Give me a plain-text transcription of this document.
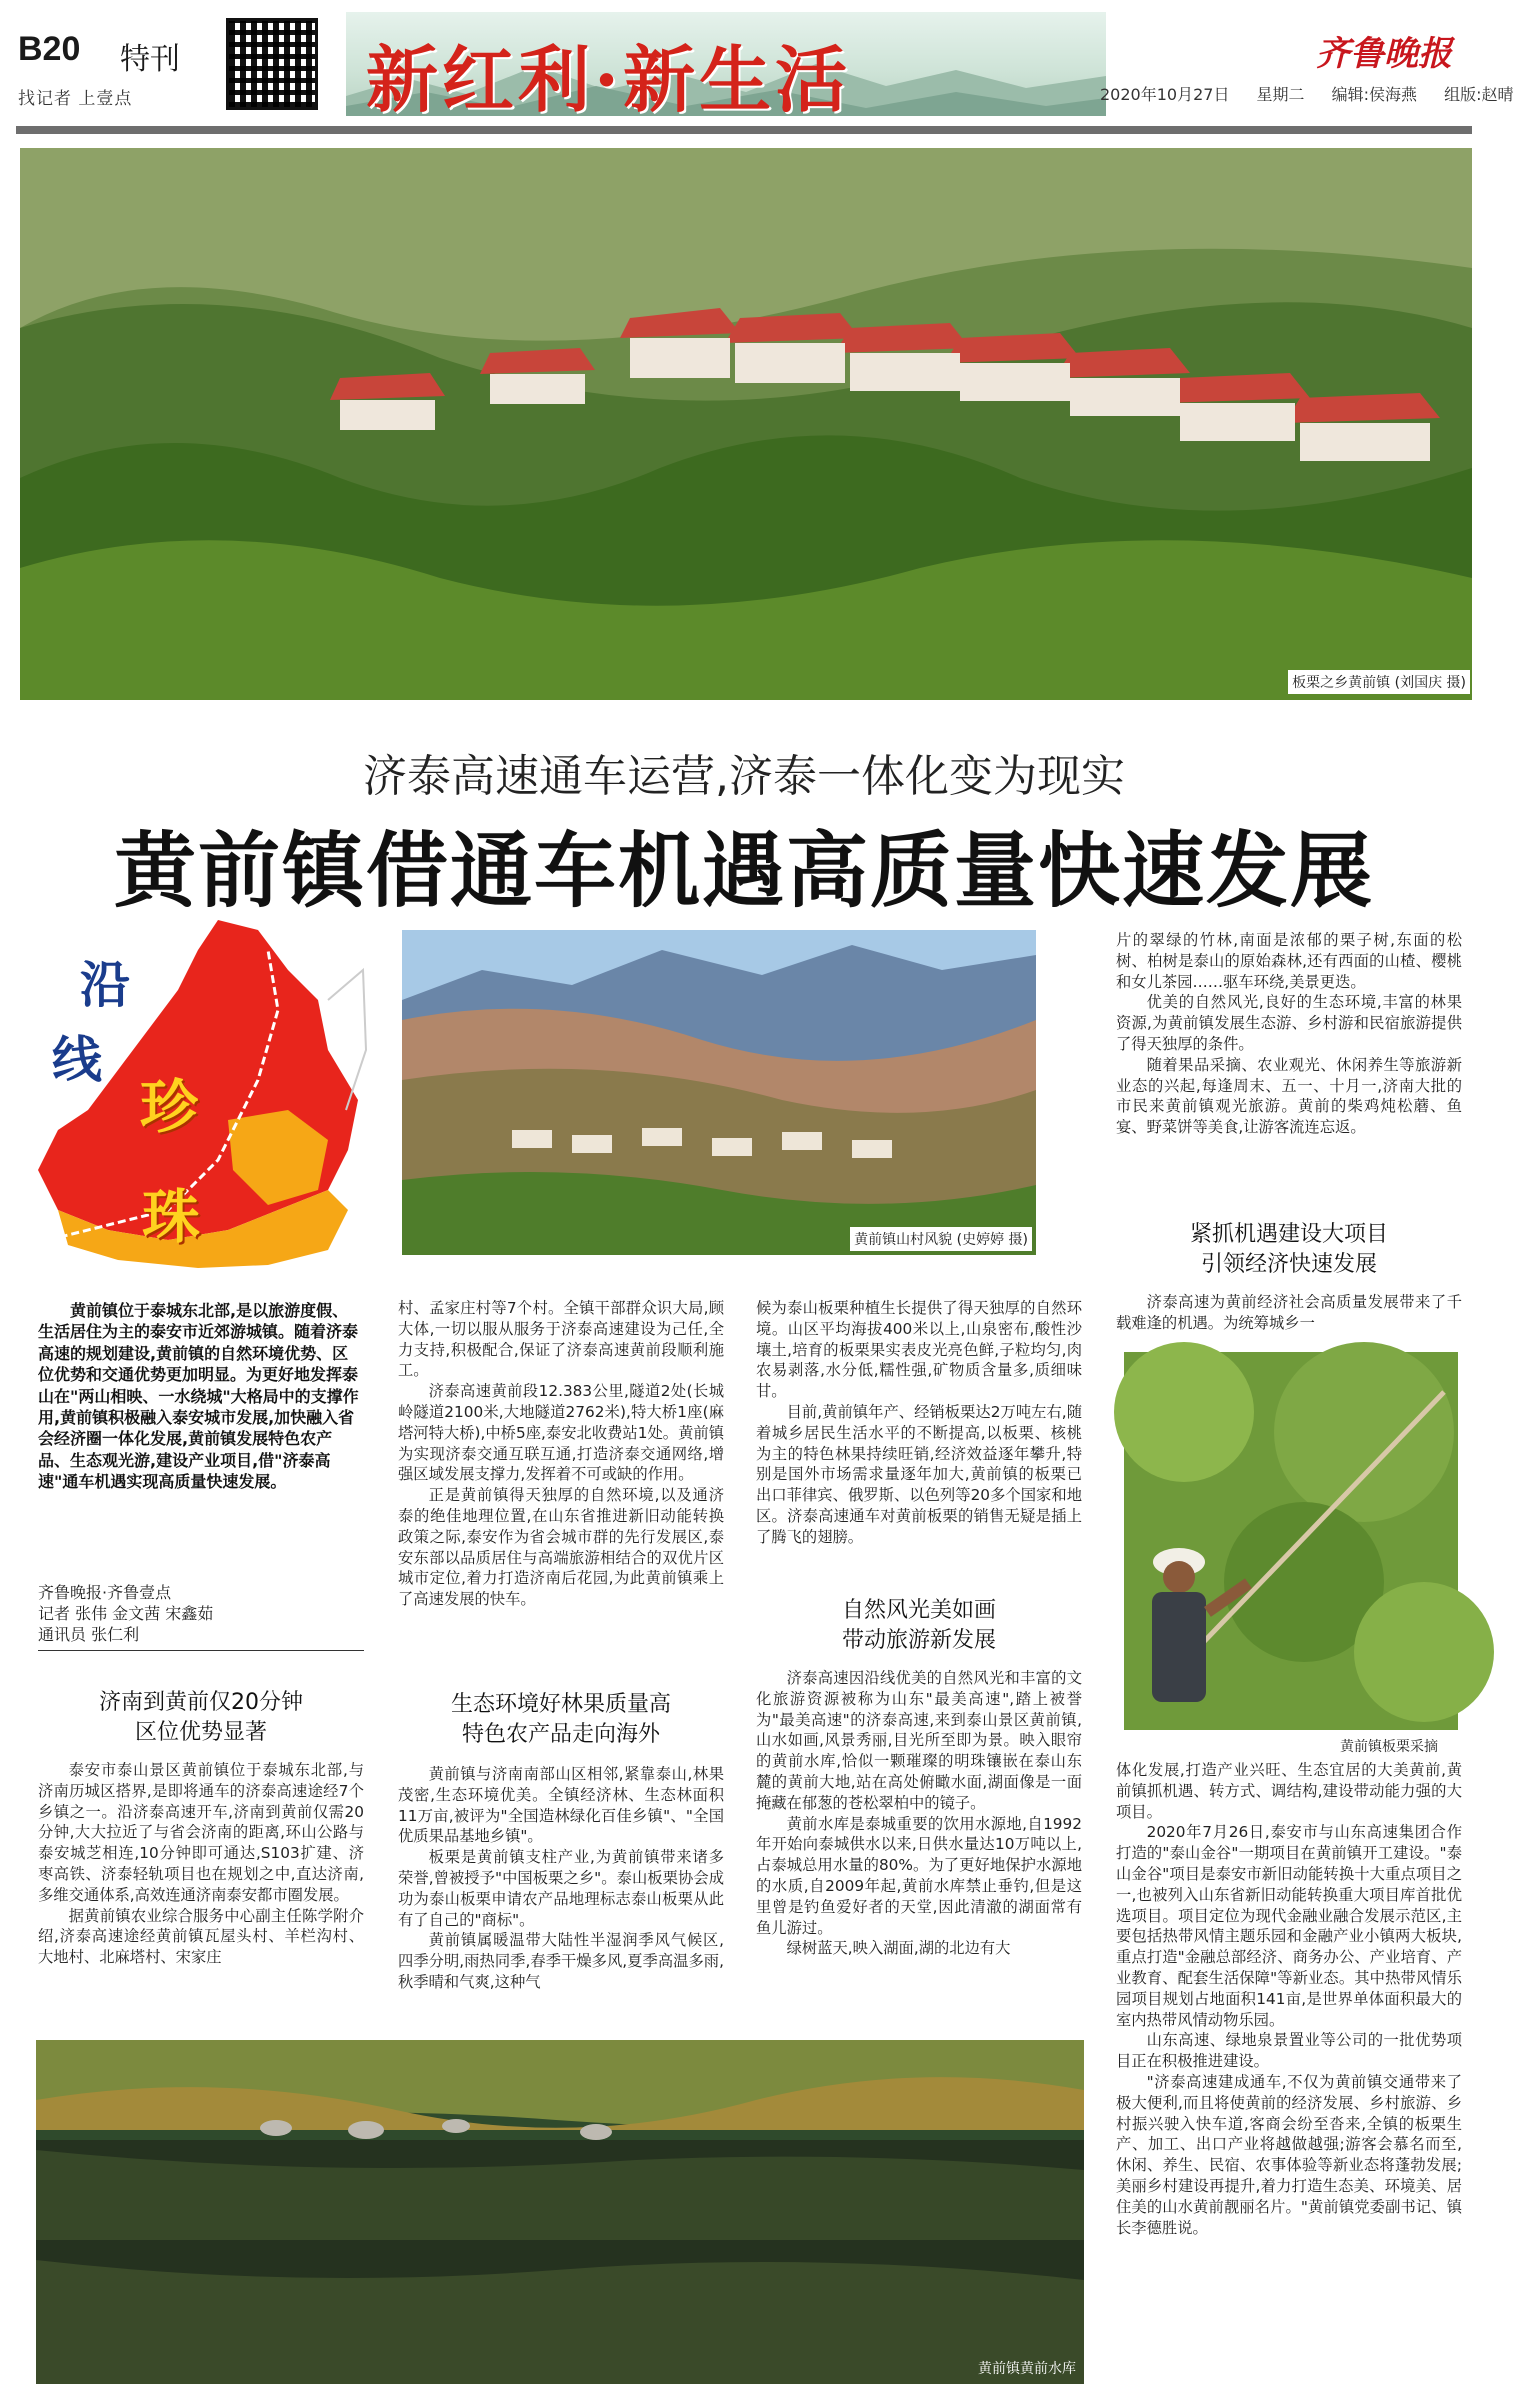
B20 特刊
找记者 上壹点	新红利·新生活	齐鲁晚报
2020年10月27日 星期二 编辑:侯海燕 组版:赵晴
板栗之乡黄前镇 (刘国庆 摄)
济泰高速通车运营,济泰一体化变为现实
黄前镇借通车机遇高质量快速发展
沿
线
珍
珠

黄前镇位于泰城东北部,是以旅游度假、生活居住为主的泰安市近郊游城镇。随着济泰高速的规划建设,黄前镇的自然环境优势、区位优势和交通优势更加明显。为更好地发挥泰山在"两山相映、一水绕城"大格局中的支撑作用,黄前镇积极融入泰安城市发展,加快融入省会经济圈一体化发展,黄前镇发展特色农产品、生态观光游,建设产业项目,借"济泰高速"通车机遇实现高质量快速发展。

齐鲁晚报·齐鲁壹点
记者 张伟 金文茜 宋鑫茹
通讯员 张仁利
济南到黄前仅20分钟
区位优势显著

泰安市泰山景区黄前镇位于泰城东北部,与济南历城区搭界,是即将通车的济泰高速途经7个乡镇之一。沿济泰高速开车,济南到黄前仅需20分钟,大大拉近了与省会济南的距离,环山公路与泰安城芝相连,10分钟即可通达,S103扩建、济枣高铁、济泰轻轨项目也在规划之中,直达济南,多维交通体系,高效连通济南泰安都市圈发展。

据黄前镇农业综合服务中心副主任陈学附介绍,济泰高速途经黄前镇瓦屋头村、羊栏沟村、大地村、北麻塔村、宋家庄

黄前镇山村风貌 (史婷婷 摄)

村、孟家庄村等7个村。全镇干部群众识大局,顾大体,一切以服从服务于济泰高速建设为己任,全力支持,积极配合,保证了济泰高速黄前段顺利施工。

济泰高速黄前段12.383公里,隧道2处(长城岭隧道2100米,大地隧道2762米),特大桥1座(麻塔河特大桥),中桥5座,泰安北收费站1处。黄前镇为实现济泰交通互联互通,打造济泰交通网络,增强区域发展支撑力,发挥着不可或缺的作用。

正是黄前镇得天独厚的自然环境,以及通济泰的绝佳地理位置,在山东省推进新旧动能转换政策之际,泰安作为省会城市群的先行发展区,泰安东部以品质居住与高端旅游相结合的双优片区城市定位,着力打造济南后花园,为此黄前镇乘上了高速发展的快车。

生态环境好林果质量高
特色农产品走向海外

黄前镇与济南南部山区相邻,紧靠泰山,林果茂密,生态环境优美。全镇经济林、生态林面积11万亩,被评为"全国造林绿化百佳乡镇"、"全国优质果品基地乡镇"。

板栗是黄前镇支柱产业,为黄前镇带来诸多荣誉,曾被授予"中国板栗之乡"。泰山板栗协会成功为泰山板栗申请农产品地理标志泰山板栗从此有了自己的"商标"。

黄前镇属暖温带大陆性半湿润季风气候区,四季分明,雨热同季,春季干燥多风,夏季高温多雨,秋季晴和气爽,这种气

候为泰山板栗种植生长提供了得天独厚的自然环境。山区平均海拔400米以上,山泉密布,酸性沙壤土,培育的板栗果实表皮光亮色鲜,子粒均匀,肉农易剥落,水分低,糯性强,矿物质含量多,质细味甘。

目前,黄前镇年产、经销板栗达2万吨左右,随着城乡居民生活水平的不断提高,以板栗、核桃为主的特色林果持续旺销,经济效益逐年攀升,特别是国外市场需求量逐年加大,黄前镇的板栗已出口菲律宾、俄罗斯、以色列等20多个国家和地区。济泰高速通车对黄前板栗的销售无疑是插上了腾飞的翅膀。

自然风光美如画
带动旅游新发展

济泰高速因沿线优美的自然风光和丰富的文化旅游资源被称为山东"最美高速",踏上被誉为"最美高速"的济泰高速,来到泰山景区黄前镇,山水如画,风景秀丽,目光所至即为景。映入眼帘的黄前水库,恰似一颗璀璨的明珠镶嵌在泰山东麓的黄前大地,站在高处俯瞰水面,湖面像是一面掩藏在郁葱的苍松翠柏中的镜子。

黄前水库是泰城重要的饮用水源地,自1992年开始向泰城供水以来,日供水量达10万吨以上,占泰城总用水量的80%。为了更好地保护水源地的水质,自2009年起,黄前水库禁止垂钓,但是这里曾是钓鱼爱好者的天堂,因此清澈的湖面常有鱼儿游过。

绿树蓝天,映入湖面,湖的北边有大

片的翠绿的竹林,南面是浓郁的栗子树,东面的松树、柏树是泰山的原始森林,还有西面的山楂、樱桃和女儿茶园……驱车环绕,美景更迭。

优美的自然风光,良好的生态环境,丰富的林果资源,为黄前镇发展生态游、乡村游和民宿旅游提供了得天独厚的条件。

随着果品采摘、农业观光、休闲养生等旅游新业态的兴起,每逢周末、五一、十月一,济南大批的市民来黄前镇观光旅游。黄前的柴鸡炖松蘑、鱼宴、野菜饼等美食,让游客流连忘返。

紧抓机遇建设大项目
引领经济快速发展

济泰高速为黄前经济社会高质量发展带来了千载难逢的机遇。为统筹城乡一

黄前镇板栗采摘

体化发展,打造产业兴旺、生态宜居的大美黄前,黄前镇抓机遇、转方式、调结构,建设带动能力强的大项目。

2020年7月26日,泰安市与山东高速集团合作打造的"泰山金谷"一期项目在黄前镇开工建设。"泰山金谷"项目是泰安市新旧动能转换十大重点项目之一,也被列入山东省新旧动能转换重大项目库首批优选项目。项目定位为现代金融业融合发展示范区,主要包括热带风情主题乐园和金融产业小镇两大板块,重点打造"金融总部经济、商务办公、产业培育、产业教育、配套生活保障"等新业态。其中热带风情乐园项目规划占地面积141亩,是世界单体面积最大的室内热带风情动物乐园。

山东高速、绿地泉景置业等公司的一批优势项目正在积极推进建设。

"济泰高速建成通车,不仅为黄前镇交通带来了极大便利,而且将使黄前的经济发展、乡村旅游、乡村振兴驶入快车道,客商会纷至沓来,全镇的板栗生产、加工、出口产业将越做越强;游客会慕名而至,休闲、养生、民宿、农事体验等新业态将蓬勃发展;美丽乡村建设再提升,着力打造生态美、环境美、居住美的山水黄前靓丽名片。"黄前镇党委副书记、镇长李德胜说。

黄前镇黄前水库
